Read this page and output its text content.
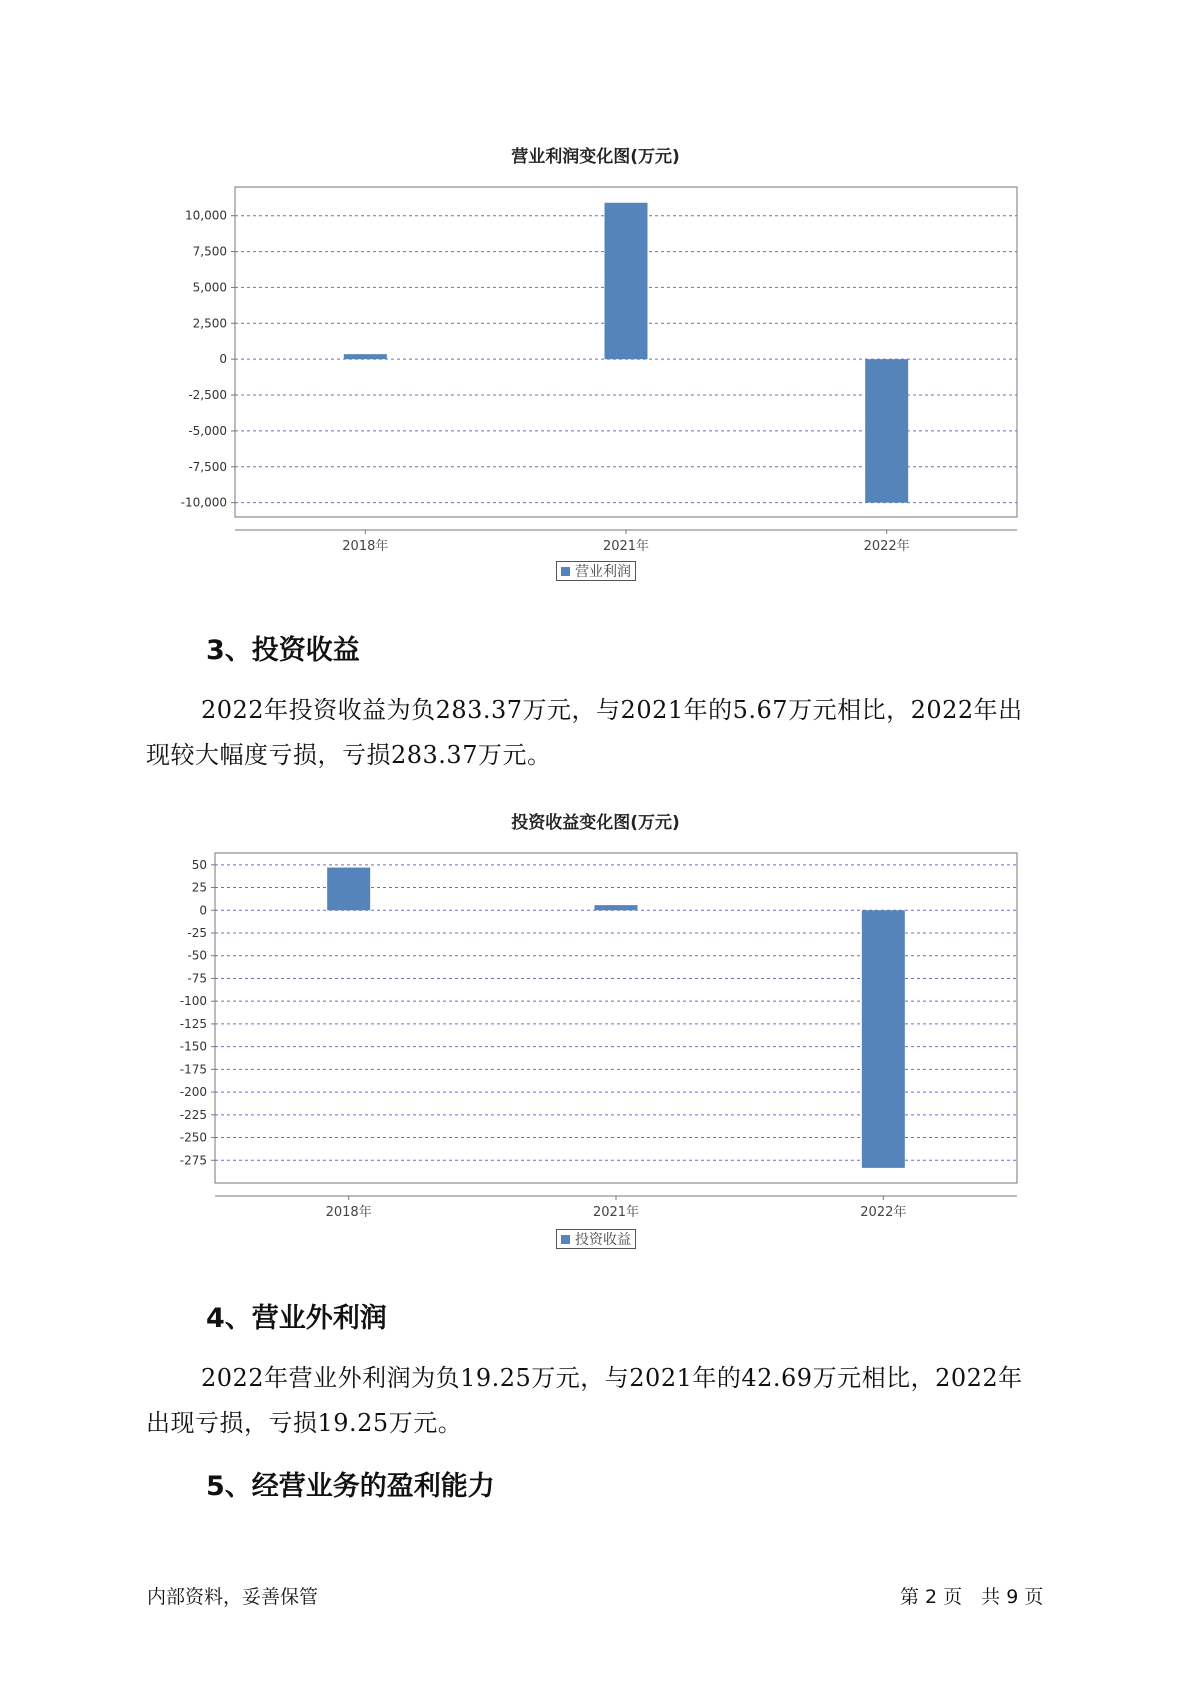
营业利润变化图(万元)
10,000
7,500
5,000
2,500
0
-2,500
-5,000
-7,500
-10,000
2018年	2021年	2022年
营业利润
3、投资收益
2022年投资收益为负283.37万元，与2021年的5.67万元相比，2022年出现较大幅度亏损，亏损283.37万元。
投资收益变化图(万元)
50
25
0
-25
-50
-75
-100
-125
-150
-175
-200
-225
-250
-275
2018年	2021年	2022年
投资收益
4、营业外利润
2022年营业外利润为负19.25万元，与2021年的42.69万元相比，2022年出现亏损，亏损19.25万元。
5、经营业务的盈利能力
内部资料，妥善保管	第 2 页　共 9 页
